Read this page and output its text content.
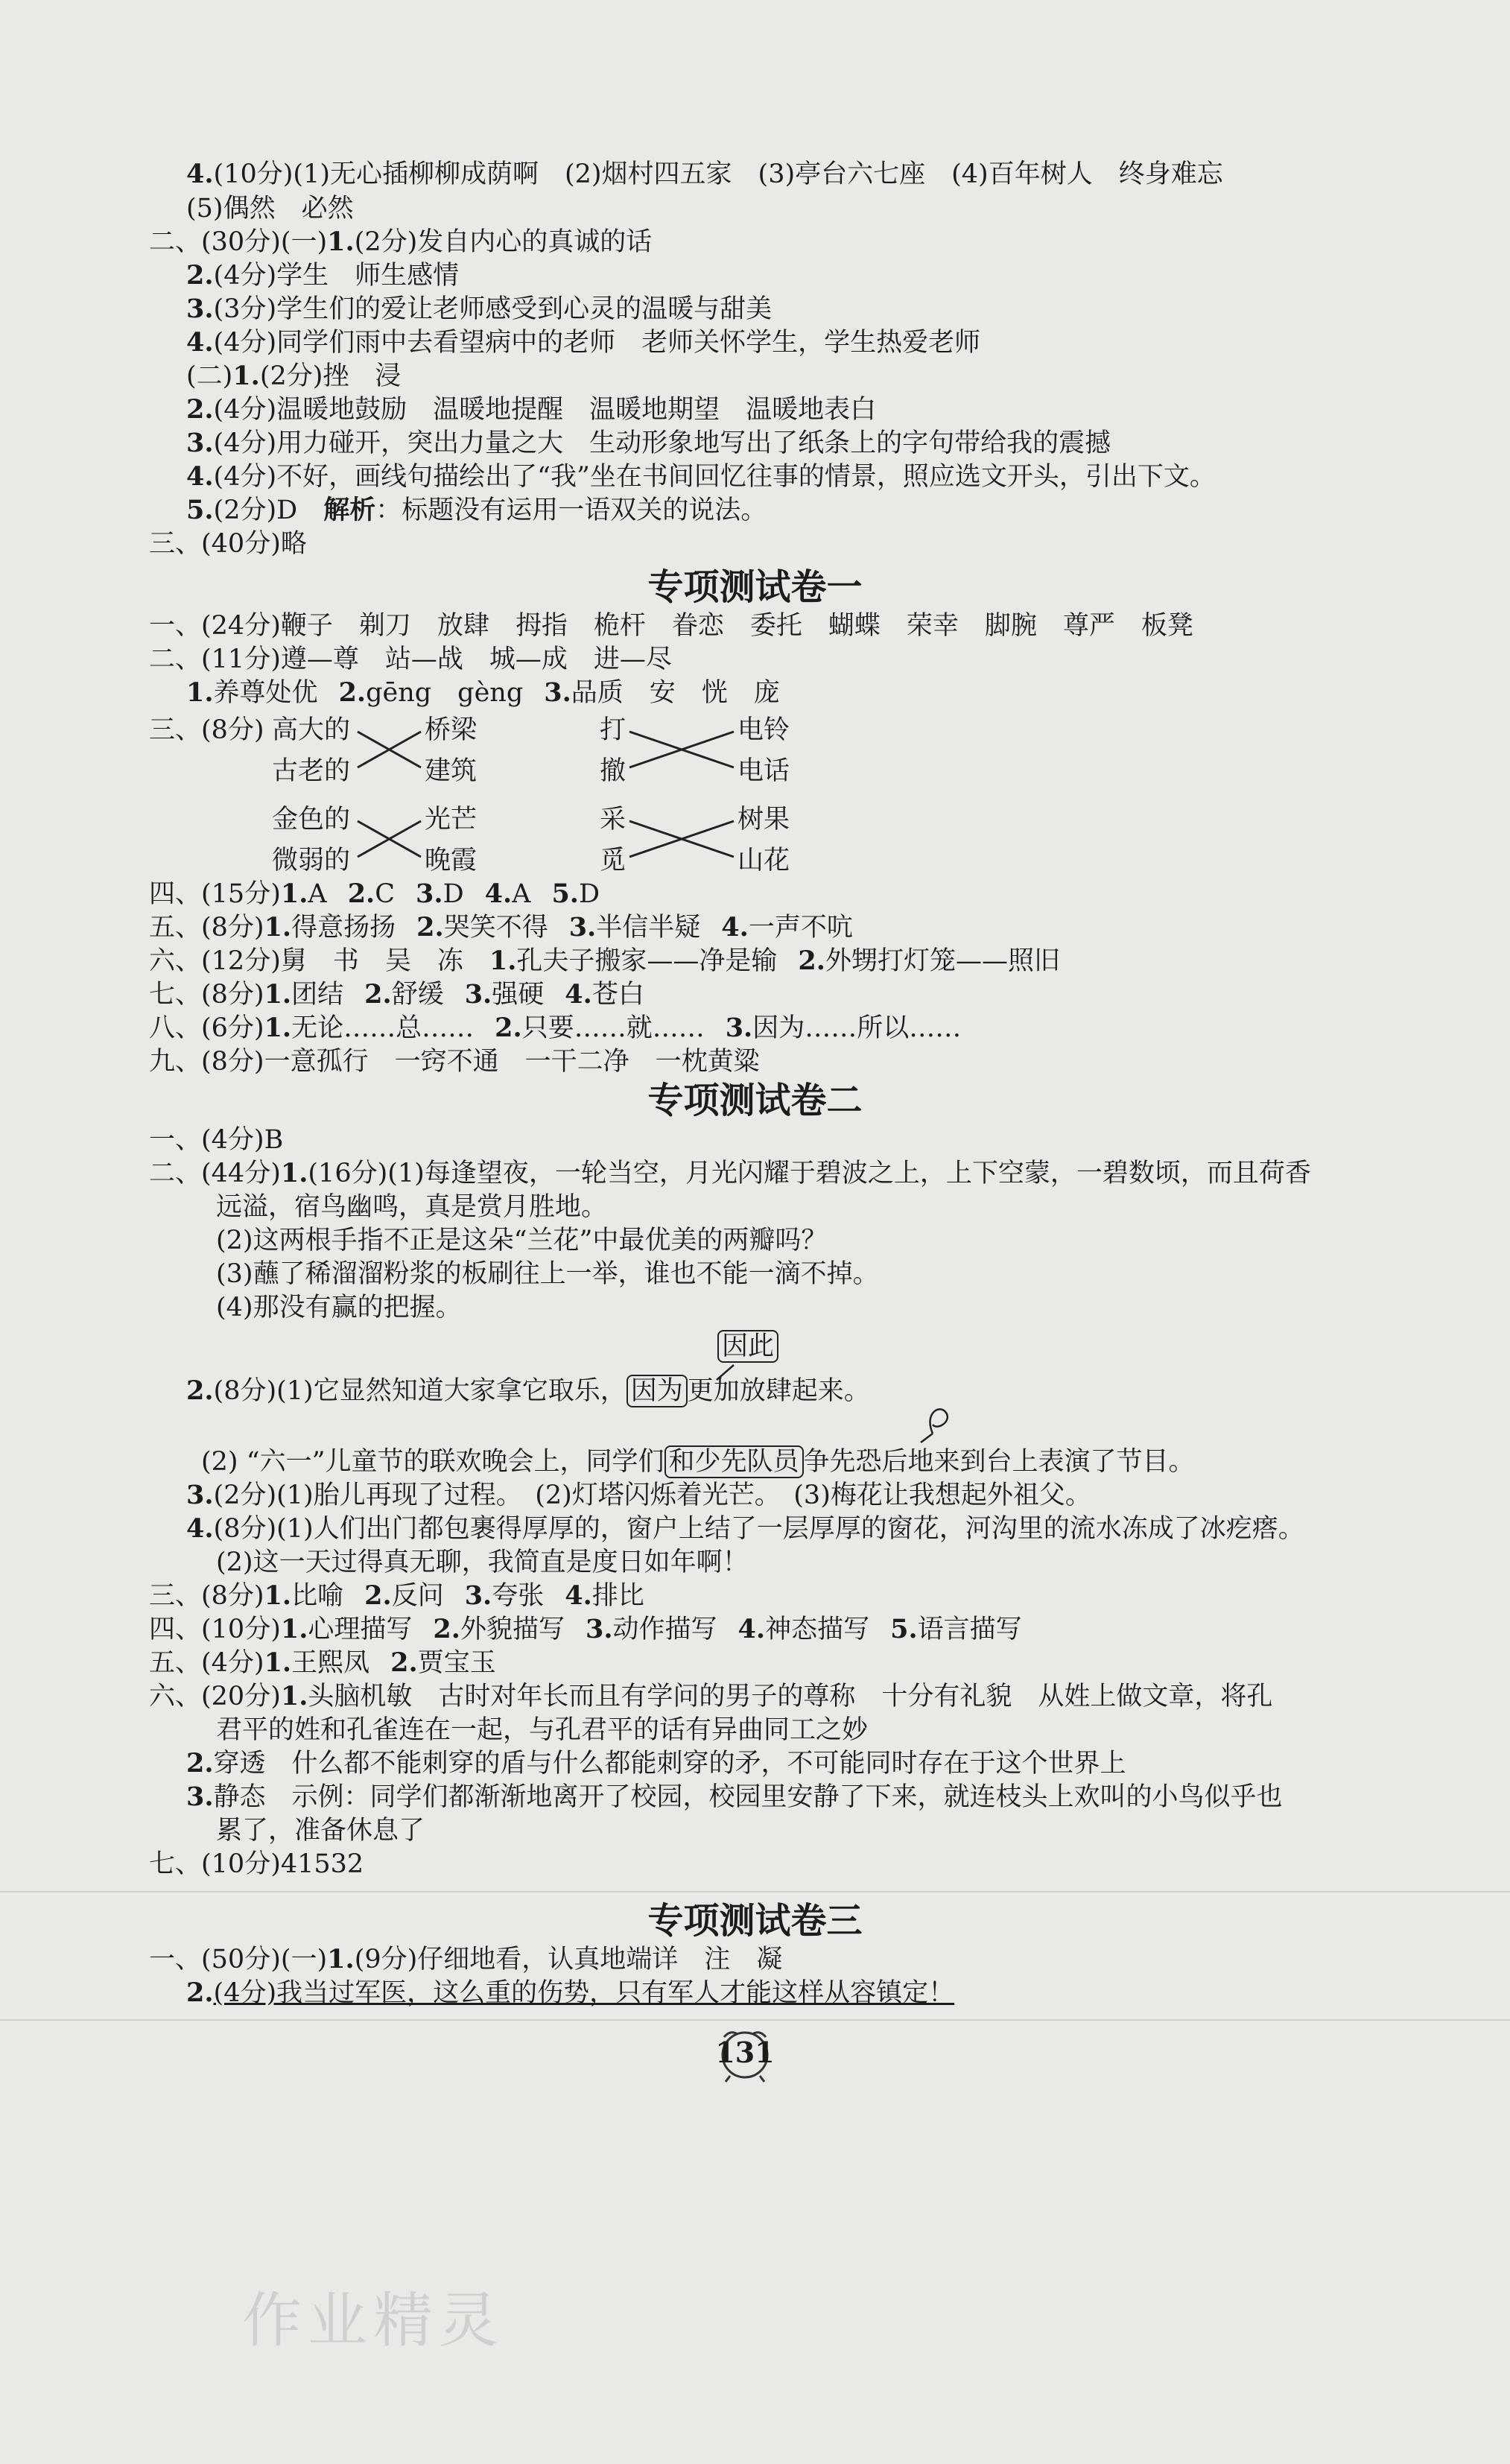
4.(10分)(1)无心插柳柳成荫啊　(2)烟村四五家　(3)亭台六七座　(4)百年树人　终身难忘
(5)偶然　必然
二、(30分)(一)1.(2分)发自内心的真诚的话
2.(4分)学生　师生感情
3.(3分)学生们的爱让老师感受到心灵的温暖与甜美
4.(4分)同学们雨中去看望病中的老师　老师关怀学生，学生热爱老师
(二)1.(2分)挫　浸
2.(4分)温暖地鼓励　温暖地提醒　温暖地期望　温暖地表白
3.(4分)用力碰开，突出力量之大　生动形象地写出了纸条上的字句带给我的震撼
4.(4分)不好，画线句描绘出了“我”坐在书间回忆往事的情景，照应选文开头，引出下文。
5.(2分)D　解析：标题没有运用一语双关的说法。
三、(40分)略
专项测试卷一
一、(24分)鞭子　剃刀　放肆　拇指　桅杆　眷恋　委托　蝴蝶　荣幸　脚腕　尊严　板凳
二、(11分)遵—尊　站—战　城—成　进—尽
1.养尊处优 2.gēng　gèng 3.品质　安　恍　庞
三、(8分) 高大的
古老的
金色的
微弱的
桥梁
建筑
光芒
晚霞
打
撤
采
觅
电铃
电话
树果
山花
四、(15分)1.A 2.C 3.D 4.A 5.D
五、(8分)1.得意扬扬 2.哭笑不得 3.半信半疑 4.一声不吭
六、(12分)舅　书　吴　冻　1.孔夫子搬家——净是输 2.外甥打灯笼——照旧
七、(8分)1.团结 2.舒缓 3.强硬 4.苍白
八、(6分)1.无论……总…… 2.只要……就…… 3.因为……所以……
九、(8分)一意孤行　一窍不通　一干二净　一枕黄粱
专项测试卷二
一、(4分)B
二、(44分)1.(16分)(1)每逢望夜，一轮当空，月光闪耀于碧波之上，上下空蒙，一碧数顷，而且荷香
远溢，宿鸟幽鸣，真是赏月胜地。
(2)这两根手指不正是这朵“兰花”中最优美的两瓣吗？
(3)蘸了稀溜溜粉浆的板刷往上一举，谁也不能一滴不掉。
(4)那没有赢的把握。
因此
2.(8分)(1)它显然知道大家拿它取乐， 因为 更加放肆起来。
(2) “六一”儿童节的联欢晚会上，同学们 和少先队员 争先恐后地来到台上表演了节目。
3.(2分)(1)胎儿再现了过程。　(2)灯塔闪烁着光芒。　(3)梅花让我想起外祖父。
4.(8分)(1)人们出门都包裹得厚厚的，窗户上结了一层厚厚的窗花，河沟里的流水冻成了冰疙瘩。
(2)这一天过得真无聊，我简直是度日如年啊！
三、(8分)1.比喻 2.反问 3.夸张 4.排比
四、(10分)1.心理描写 2.外貌描写 3.动作描写 4.神态描写 5.语言描写
五、(4分)1.王熙凤 2.贾宝玉
六、(20分)1.头脑机敏　古时对年长而且有学问的男子的尊称　十分有礼貌　从姓上做文章，将孔
君平的姓和孔雀连在一起，与孔君平的话有异曲同工之妙
2.穿透　什么都不能刺穿的盾与什么都能刺穿的矛，不可能同时存在于这个世界上
3.静态　示例：同学们都渐渐地离开了校园，校园里安静了下来，就连枝头上欢叫的小鸟似乎也
累了，准备休息了
七、(10分)41532
专项测试卷三
一、(50分)(一)1.(9分)仔细地看，认真地端详　注　凝
2.(4分)我当过军医，这么重的伤势，只有军人才能这样从容镇定！
131
作业精灵
